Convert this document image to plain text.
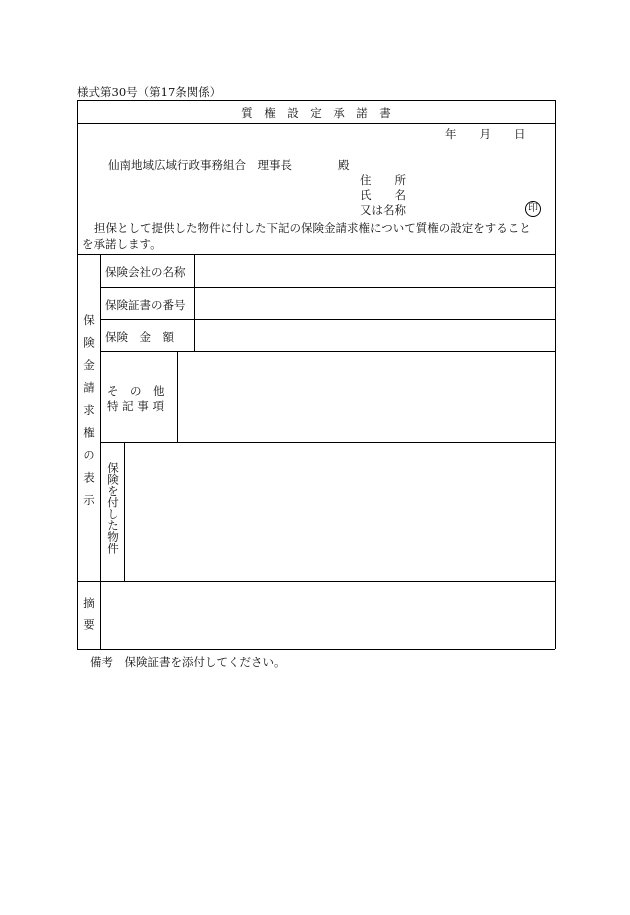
様式第30号（第17条関係）
質　権　設　定　承　諾　書
年　　月　　日
仙南地域広域行政事務組合　理事長　　　　殿
住　　所
氏　　名
又は名称	印
担保として提供した物件に付した下記の保険金請求権について質権の設定をすること
を承諾します。
保険金請求権の表示
保険会社の名称
保険証書の番号
保険　金　額
そ　の　他
特 記 事 項
保険を付した物件
摘要
備考　保険証書を添付してください。
